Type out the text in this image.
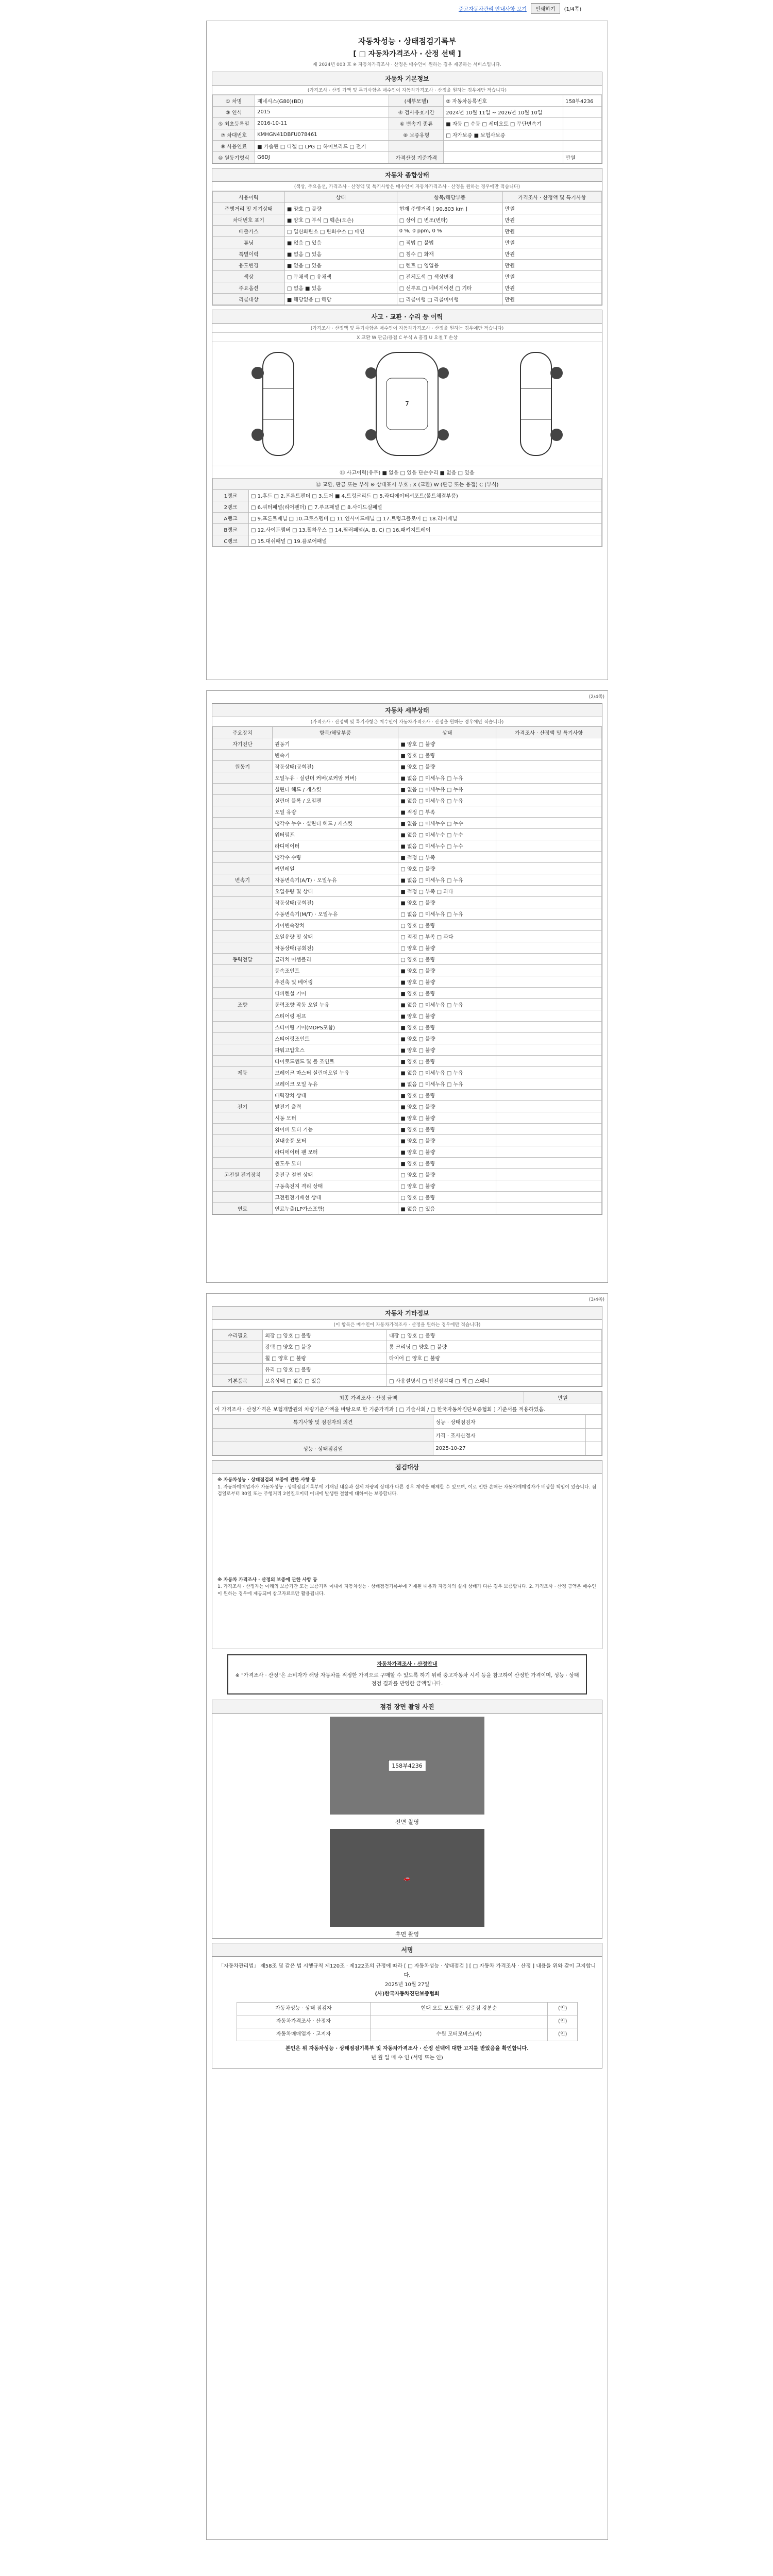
중고자동차관리 안내사항 보기	인쇄하기	(1/4쪽)
자동차성능 · 상태점검기록부
[ □ 자동차가격조사 · 산정 선택 ]
제 2024년 003 호 ※ 자동차가격조사 · 산정은 매수인이 원하는 경우 제공하는 서비스입니다.
자동차 기본정보
(가격조사 · 산정 가액 및 특기사항은 매수인이 자동차가격조사 · 산정을 원하는 경우에만 적습니다)
① 차명	제네시스(G80)(BD)	(세부모델)	② 자동차등록번호	158부4236
③ 연식	2015	④ 검사유효기간	2024년 10월 11일 ~ 2026년 10월 10일	
⑤ 최초등록일	2016-10-11	⑥ 변속기 종류	■ 자동 □ 수동 □ 세미오토 □ 무단변속기	
⑦ 차대번호	KMHGN41DBFU078461	⑧ 보증유형	□ 자가보증 ■ 보험사보증	
⑨ 사용연료	■ 가솔린 □ 디젤 □ LPG □ 하이브리드 □ 전기			
⑩ 원동기형식	G6DJ	가격산정 기준가격		만원
자동차 종합상태
(색상, 주요옵션, 가격조사 · 산정액 및 특기사항은 매수인이 자동차가격조사 · 산정을 원하는 경우에만 적습니다)
사용이력	상태	항목/해당부품	가격조사 · 산정액 및 특기사항
주행거리 및 계기상태	■ 양호 □ 불량	현재 주행거리 [ 90,803 km ]	만원
차대번호 표기	■ 양호 □ 부식 □ 훼손(오손)	□ 상이 □ 변조(변타)	만원
배출가스	□ 일산화탄소 □ 탄화수소 □ 매연	0 %, 0 ppm, 0 %	만원
튜닝	■ 없음 □ 있음	□ 적법 □ 불법	만원
특별이력	■ 없음 □ 있음	□ 침수 □ 화재	만원
용도변경	■ 없음 □ 있음	□ 렌트 □ 영업용	만원
색상	□ 무채색 □ 유채색	□ 전체도색 □ 색상변경	만원
주요옵션	□ 없음 ■ 있음	□ 선루프 □ 네비게이션 □ 기타	만원
리콜대상	■ 해당없음 □ 해당	□ 리콜이행 □ 리콜미이행	만원
사고 · 교환 · 수리 등 이력
(가격조사 · 산정액 및 특기사항은 매수인이 자동차가격조사 · 산정을 원하는 경우에만 적습니다)
X 교환 W 판금/용접 C 부식 A 흠집 U 요철 T 손상
7
⑪ 사고이력(유무) ■ 없음 □ 있음 단순수리 ■ 없음 □ 있음
⑫ 교환, 판금 또는 부식 ※ 상태표시 부호 : X (교환) W (판금 또는 용접) C (부식)	
1랭크	□ 1.후드 □ 2.프론트펜더 □ 3.도어 ■ 4.트렁크리드 □ 5.라디에이터서포트(볼트체결부품)
2랭크	□ 6.쿼터패널(리어펜더) □ 7.루프패널 □ 8.사이드실패널
A랭크	□ 9.프론트패널 □ 10.크로스멤버 □ 11.인사이드패널 □ 17.트렁크플로어 □ 18.리어패널
B랭크	□ 12.사이드멤버 □ 13.휠하우스 □ 14.필러패널(A, B, C) □ 16.패키지트레이
C랭크	□ 15.대쉬패널 □ 19.플로어패널
(2/4쪽)
자동차 세부상태
(가격조사 · 산정액 및 특기사항은 매수인이 자동차가격조사 · 산정을 원하는 경우에만 적습니다)
주요장치	항목/해당부품	상태	가격조사 · 산정액 및 특기사항
자기진단	원동기	■ 양호 □ 불량	
	변속기	■ 양호 □ 불량	
원동기	작동상태(공회전)	■ 양호 □ 불량	
	오일누유 · 실린더 커버(로커암 커버)	■ 없음 □ 미세누유 □ 누유	
	실린더 헤드 / 개스킷	■ 없음 □ 미세누유 □ 누유	
	실린더 블록 / 오일팬	■ 없음 □ 미세누유 □ 누유	
	오일 유량	■ 적정 □ 부족	
	냉각수 누수 · 실린더 헤드 / 개스킷	■ 없음 □ 미세누수 □ 누수	
	워터펌프	■ 없음 □ 미세누수 □ 누수	
	라디에이터	■ 없음 □ 미세누수 □ 누수	
	냉각수 수량	■ 적정 □ 부족	
	커먼레일	□ 양호 □ 불량	
변속기	자동변속기(A/T) · 오일누유	■ 없음 □ 미세누유 □ 누유	
	오일유량 및 상태	■ 적정 □ 부족 □ 과다	
	작동상태(공회전)	■ 양호 □ 불량	
	수동변속기(M/T) · 오일누유	□ 없음 □ 미세누유 □ 누유	
	기어변속장치	□ 양호 □ 불량	
	오일유량 및 상태	□ 적정 □ 부족 □ 과다	
	작동상태(공회전)	□ 양호 □ 불량	
동력전달	클러치 어셈블리	□ 양호 □ 불량	
	등속조인트	■ 양호 □ 불량	
	추진축 및 베어링	■ 양호 □ 불량	
	디퍼렌셜 기어	■ 양호 □ 불량	
조향	동력조향 작동 오일 누유	■ 없음 □ 미세누유 □ 누유	
	스티어링 펌프	■ 양호 □ 불량	
	스티어링 기어(MDPS포함)	■ 양호 □ 불량	
	스티어링조인트	■ 양호 □ 불량	
	파워고압호스	■ 양호 □ 불량	
	타이로드엔드 및 볼 조인트	■ 양호 □ 불량	
제동	브레이크 마스터 실린더오일 누유	■ 없음 □ 미세누유 □ 누유	
	브레이크 오일 누유	■ 없음 □ 미세누유 □ 누유	
	배력장치 상태	■ 양호 □ 불량	
전기	발전기 출력	■ 양호 □ 불량	
	시동 모터	■ 양호 □ 불량	
	와이퍼 모터 기능	■ 양호 □ 불량	
	실내송풍 모터	■ 양호 □ 불량	
	라디에이터 팬 모터	■ 양호 □ 불량	
	윈도우 모터	■ 양호 □ 불량	
고전원 전기장치	충전구 절연 상태	□ 양호 □ 불량	
	구동축전지 격리 상태	□ 양호 □ 불량	
	고전원전기배선 상태	□ 양호 □ 불량	
연료	연료누출(LP가스포함)	■ 없음 □ 있음	
(3/4쪽)
자동차 기타정보
(이 항목은 매수인이 자동차가격조사 · 산정을 원하는 경우에만 적습니다)
수리필요	외장 □ 양호 □ 불량	내장 □ 양호 □ 불량
	광택 □ 양호 □ 불량	룸 크리닝 □ 양호 □ 불량
	휠 □ 양호 □ 불량	타이어 □ 양호 □ 불량
	유리 □ 양호 □ 불량	
기본품목	보유상태 □ 없음 □ 있음	□ 사용설명서 □ 안전삼각대 □ 잭 □ 스패너
최종 가격조사 · 산정 금액	만원
이 가격조사 · 산정가격은 보험개발원의 차량기준가액을 바탕으로 한 기준가격과 [ □ 기술사회 / □ 한국자동차진단보증협회 ] 기준서를 적용하였음.
특기사항 및 점검자의 의견	성능 · 상태점검자	
	가격 · 조사산정자	
성능 · 상태점검일	2025-10-27	
점검대상
※ 자동차성능 · 상태점검의 보증에 관한 사항 등
1. 자동차매매업자가 자동차성능 · 상태점검기록부에 기재된 내용과 실제 차량의 상태가 다른 경우 계약을 해제할 수 있으며, 이로 인한 손해는 자동차매매업자가 배상할 책임이 있습니다. 점검일로부터 30일 또는 주행거리 2천킬로미터 이내에 발생한 결함에 대하여는 보증합니다.
※ 자동차 가격조사 · 산정의 보증에 관한 사항 등
1. 가격조사 · 산정자는 아래의 보증기간 또는 보증거리 이내에 자동차성능 · 상태점검기록부에 기재된 내용과 자동차의 실제 상태가 다른 경우 보증합니다. 2. 가격조사 · 산정 금액은 매수인이 원하는 경우에 제공되며 참고자료로만 활용됩니다.
자동차가격조사 · 산정안내
※ "가격조사 · 산정"은 소비자가 해당 자동차를 적정한 가격으로 구매할 수 있도록 하기 위해 중고자동차 시세 등을 참고하여 산정한 가격이며, 성능 · 상태점검 결과를 반영한 금액입니다.
점검 장면 촬영 사진
158부4236
전면 촬영
🚗
후면 촬영
서명
「자동차관리법」 제58조 및 같은 법 시행규칙 제120조 · 제122조의 규정에 따라 [ □ 자동차성능 · 상태점검 ] [ □ 자동차 가격조사 · 산정 ] 내용을 위와 같이 고지합니다.
2025년 10월 27일
(사)한국자동차진단보증협회
자동차성능 · 상태 점검자	현대 오토 모토월드 상준점 강분순	(인)
자동차가격조사 · 산정자		(인)
자동차매매업자 · 고지자	수원 모터모비스(씨)	(인)
본인은 위 자동차성능 · 상태점검기록부 및 자동차가격조사 · 산정 선택에 대한 고지를 받았음을 확인합니다.
년 월 일 매 수 인 (서명 또는 인)
